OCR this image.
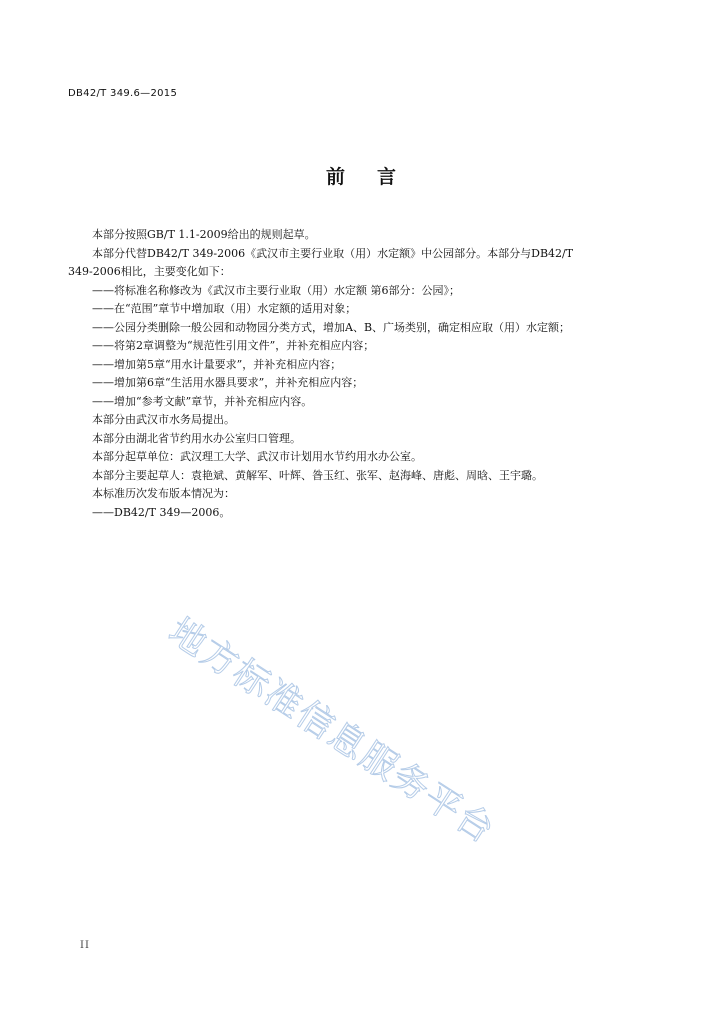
DB42/T 349.6—2015
前 言

本部分按照GB/T 1.1-2009给出的规则起草。

本部分代替DB42/T 349-2006《武汉市主要行业取（用）水定额》中公园部分。本部分与DB42/T

349-2006相比，主要变化如下：

——将标准名称修改为《武汉市主要行业取（用）水定额 第6部分：公园》；

——在“范围”章节中增加取（用）水定额的适用对象；

——公园分类删除一般公园和动物园分类方式，增加A、B、广场类别，确定相应取（用）水定额；

——将第2章调整为“规范性引用文件”，并补充相应内容；

——增加第5章“用水计量要求”，并补充相应内容；

——增加第6章“生活用水器具要求”，并补充相应内容；

——增加“参考文献”章节，并补充相应内容。

本部分由武汉市水务局提出。

本部分由湖北省节约用水办公室归口管理。

本部分起草单位：武汉理工大学、武汉市计划用水节约用水办公室。

本部分主要起草人：袁艳斌、黄解军、叶辉、昝玉红、张军、赵海峰、唐彪、周晗、王宇璐。

本标准历次发布版本情况为：

——DB42/T 349—2006。

地方标准信息服务平台
II
